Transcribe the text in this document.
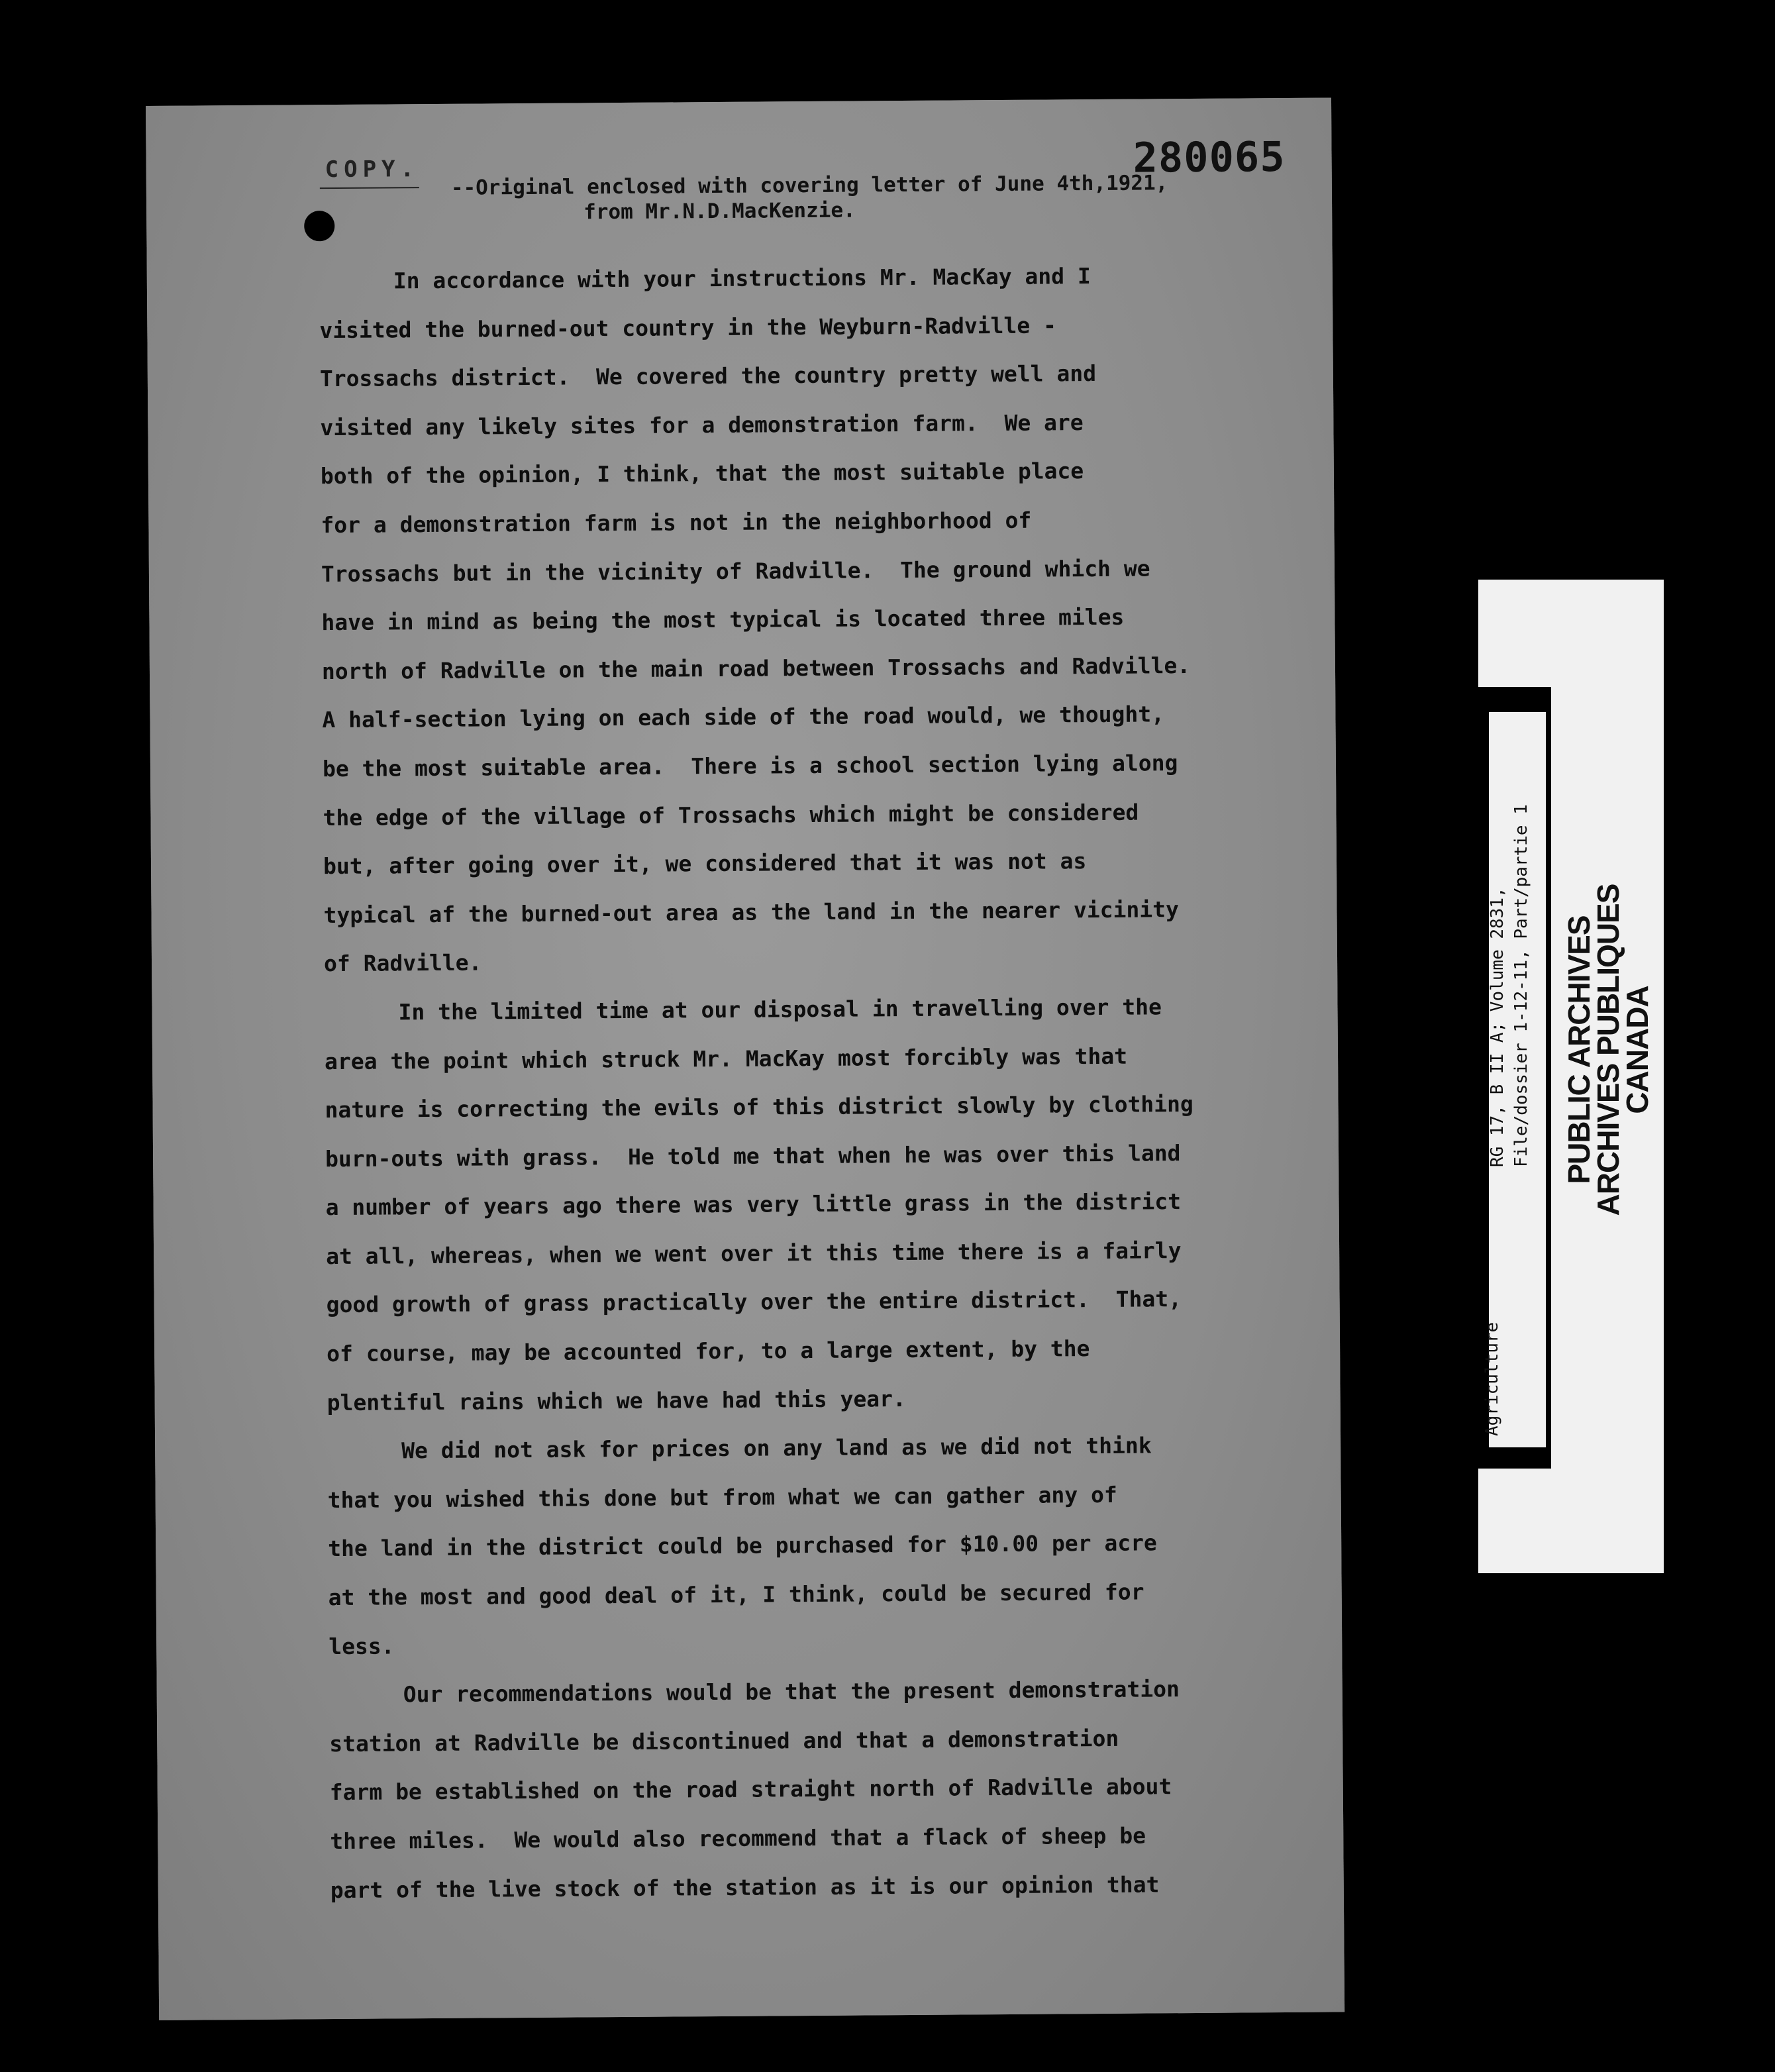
COPY.	280065
--Original enclosed with covering letter of June 4th,1921,
from Mr.N.D.MacKenzie.
In accordance with your instructions Mr. MacKay and I
visited the burned-out country in the Weyburn-Radville -
Trossachs district.  We covered the country pretty well and
visited any likely sites for a demonstration farm.  We are
both of the opinion, I think, that the most suitable place
for a demonstration farm is not in the neighborhood of
Trossachs but in the vicinity of Radville.  The ground which we
have in mind as being the most typical is located three miles
north of Radville on the main road between Trossachs and Radville.
A half-section lying on each side of the road would, we thought,
be the most suitable area.  There is a school section lying along
the edge of the village of Trossachs which might be considered
but, after going over it, we considered that it was not as
typical af the burned-out area as the land in the nearer vicinity
of Radville.
In the limited time at our disposal in travelling over the
area the point which struck Mr. MacKay most forcibly was that
nature is correcting the evils of this district slowly by clothing
burn-outs with grass.  He told me that when he was over this land
a number of years ago there was very little grass in the district
at all, whereas, when we went over it this time there is a fairly
good growth of grass practically over the entire district.  That,
of course, may be accounted for, to a large extent, by the
plentiful rains which we have had this year.
We did not ask for prices on any land as we did not think
that you wished this done but from what we can gather any of
the land in the district could be purchased for $10.00 per acre
at the most and good deal of it, I think, could be secured for
less.
Our recommendations would be that the present demonstration
station at Radville be discontinued and that a demonstration
farm be established on the road straight north of Radville about
three miles.  We would also recommend that a flack of sheep be
part of the live stock of the station as it is our opinion that
Agriculture
RG 17, B II A; Volume 2831, File/dossier 1-12-11, Part/partie 1 PUBLIC ARCHIVES
ARCHIVES PUBLIQUES
CANADA
